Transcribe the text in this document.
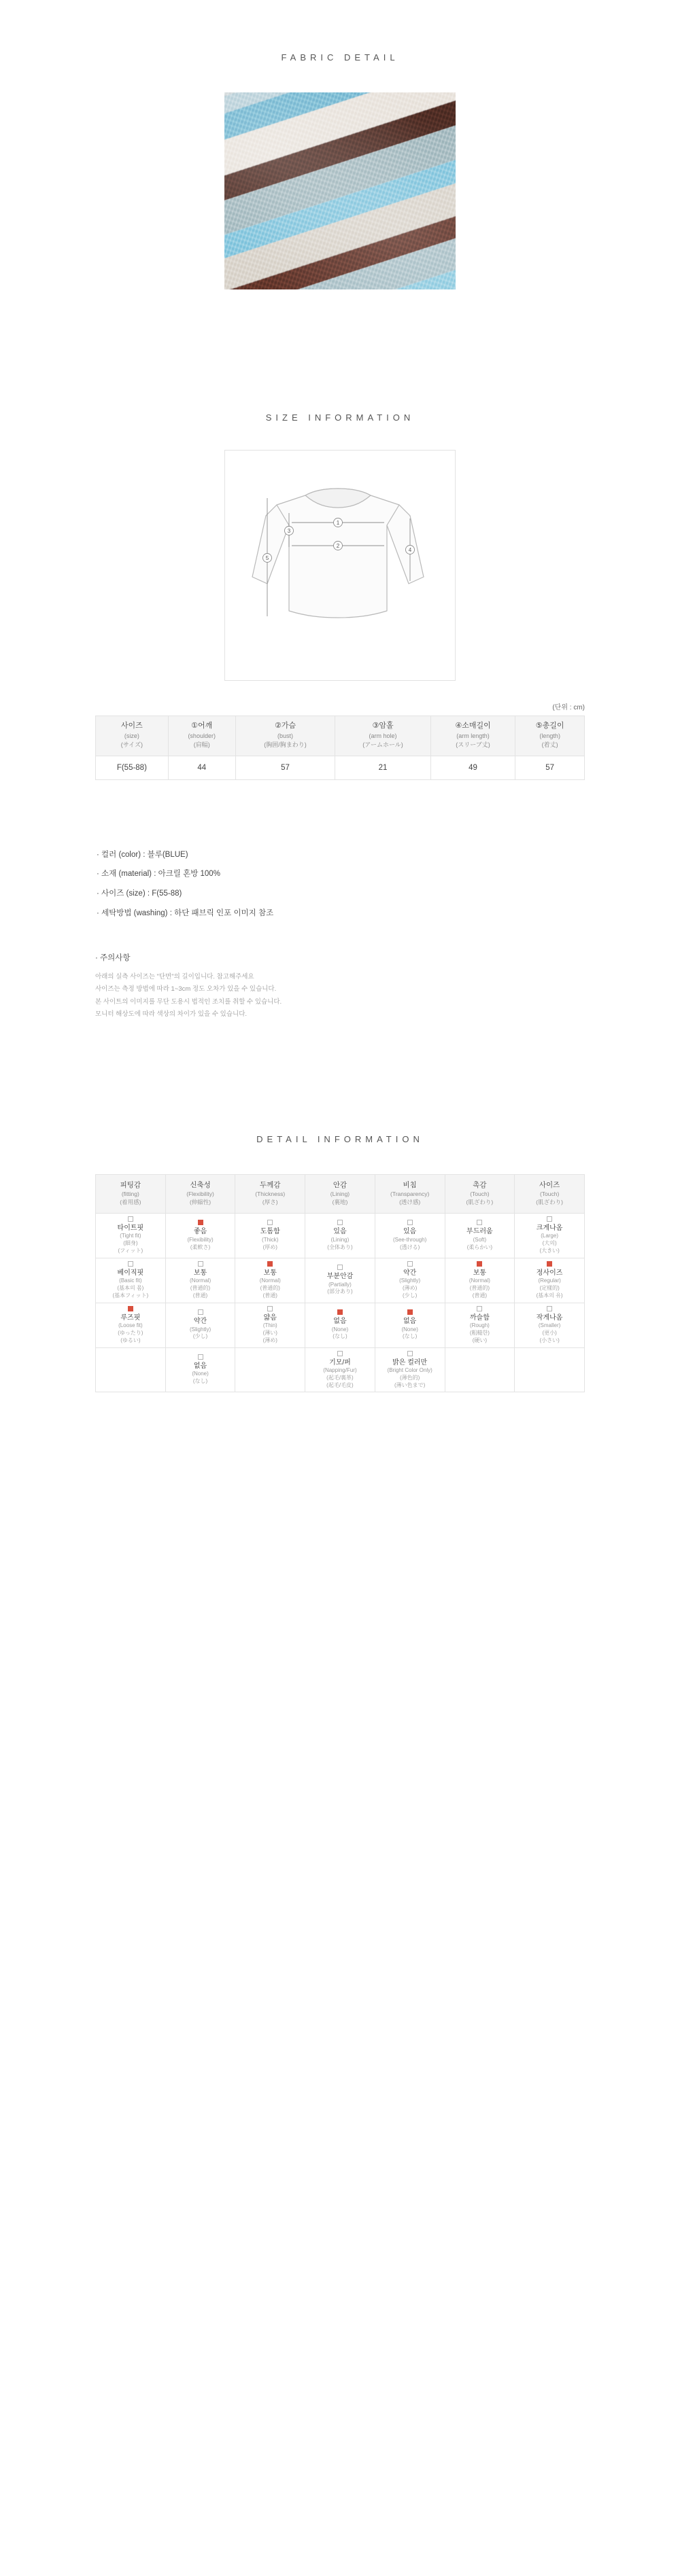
FABRIC DETAIL
SIZE INFORMATION
1
2
3
4
5
(단위 : cm)
사이즈
(size)
(サイズ)	①어깨
(shoulder)
(肩幅)	②가슴
(bust)
(胸囲/胸まわり)	③암홀
(arm hole)
(アームホール)	④소매길이
(arm length)
(スリーブ丈)	⑤총길이
(length)
(着丈)

F(55-88)	44	57	21	49	57
· 컬러 (color) : 블루(BLUE)
· 소재 (material) : 아크릴 혼방 100%
· 사이즈 (size) : F(55-88)
· 세탁방법 (washing) : 하단 패브릭 인포 이미지 참조
· 주의사항
아래의 실측 사이즈는 "단면"의 길이입니다. 참고해주세요
사이즈는 측정 방법에 따라 1~3cm 정도 오차가 있을 수 있습니다.
본 사이트의 이미지를 무단 도용시 법적인 조치를 취할 수 있습니다.
모니터 해상도에 따라 색상의 차이가 있을 수 있습니다.
DETAIL INFORMATION
피팅감
(fitting)
(着用感)	신축성
(Flexibility)
(伸縮性)	두께감
(Thickness)
(厚さ)	안감
(Lining)
(裏地)	비침
(Transparency)
(透け感)	촉감
(Touch)
(肌ざわり)	사이즈
(Touch)
(肌ざわり)

타이트핏
(Tight fit)
(細身)
(フィット)	좋음
(Flexibility)
(柔軟さ)	도톰함
(Thick)
(厚め)	있음
(Lining)
(全体あり)	있음
(See-through)
(透ける)	부드러움
(Soft)
(柔らかい)	크게나옴
(Large)
(大의)
(大きい)

베이직핏
(Basic fit)
(基本의 몸)
(基本フィット)	보통
(Normal)
(普通的)
(普通)	보통
(Normal)
(普通的)
(普通)	부분안감
(Partially)
(部分あり)	약간
(Slightly)
(薄め)
(少し)	보통
(Normal)
(普通的)
(普通)	정사이즈
(Regular)
(定樣的)
(基本의 유)

루즈핏
(Loose fit)
(ゆったり)
(ゆるい)	약간
(Slightly)
(少し)	얇음
(Thin)
(薄い)
(薄め)	없음
(None)
(なし)	없음
(None)
(なし)	까슬함
(Rough)
(粗糙한)
(硬い)	작게나옴
(Smaller)
(更小)
(小さい)

	없음
(None)
(なし)		기모/퍼
(Napping/Fur)
(起毛/裏革)
(起毛/毛皮)	밝은 컬러만
(Bright Color Only)
(薄色的)
(薄い色まで)		
